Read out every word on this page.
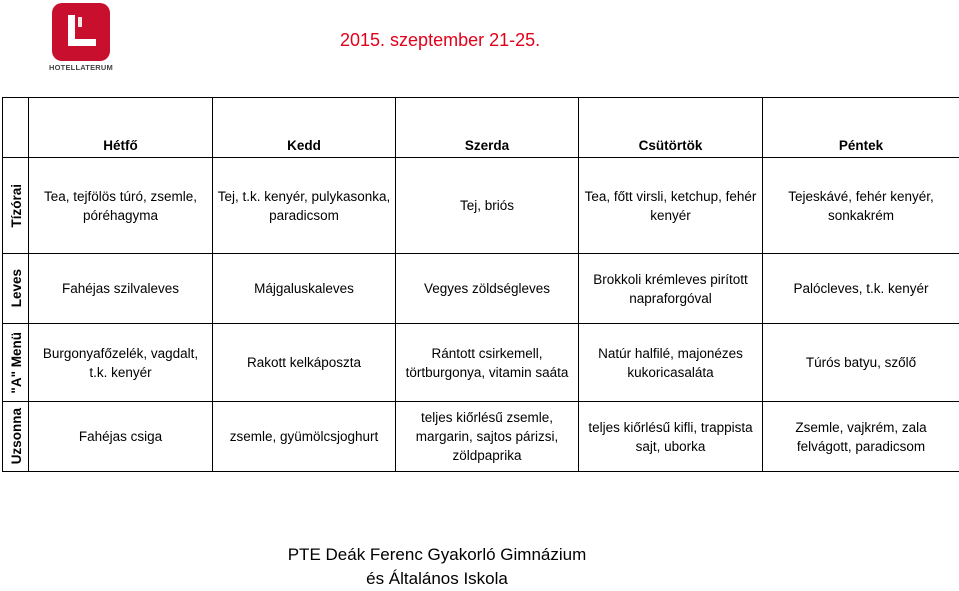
HOTELLATERUM
2015. szeptember 21-25.
	Hétfő	Kedd	Szerda	Csütörtök	Péntek

Tízórai	Tea, tejfölös túró, zsemle, póréhagyma	Tej, t.k. kenyér, pulykasonka, paradicsom	Tej, briós	Tea, főtt virsli, ketchup, fehér kenyér	Tejeskávé, fehér kenyér, sonkakrém

Leves	Fahéjas szilvaleves	Májgaluskaleves	Vegyes zöldségleves	Brokkoli krémleves pirított napraforgóval	Palócleves, t.k. kenyér

"A" Menü	Burgonyafőzelék, vagdalt, t.k. kenyér	Rakott kelkáposzta	Rántott csirkemell, törtburgonya, vitamin saáta	Natúr halfilé, majonézes kukoricasaláta	Túrós batyu, szőlő

Uzsonna	Fahéjas csiga	zsemle, gyümölcsjoghurt	teljes kiőrlésű zsemle, margarin, sajtos párizsi, zöldpaprika	teljes kiőrlésű kifli, trappista sajt, uborka	Zsemle, vajkrém, zala felvágott, paradicsom
PTE Deák Ferenc Gyakorló Gimnázium
és Általános Iskola
